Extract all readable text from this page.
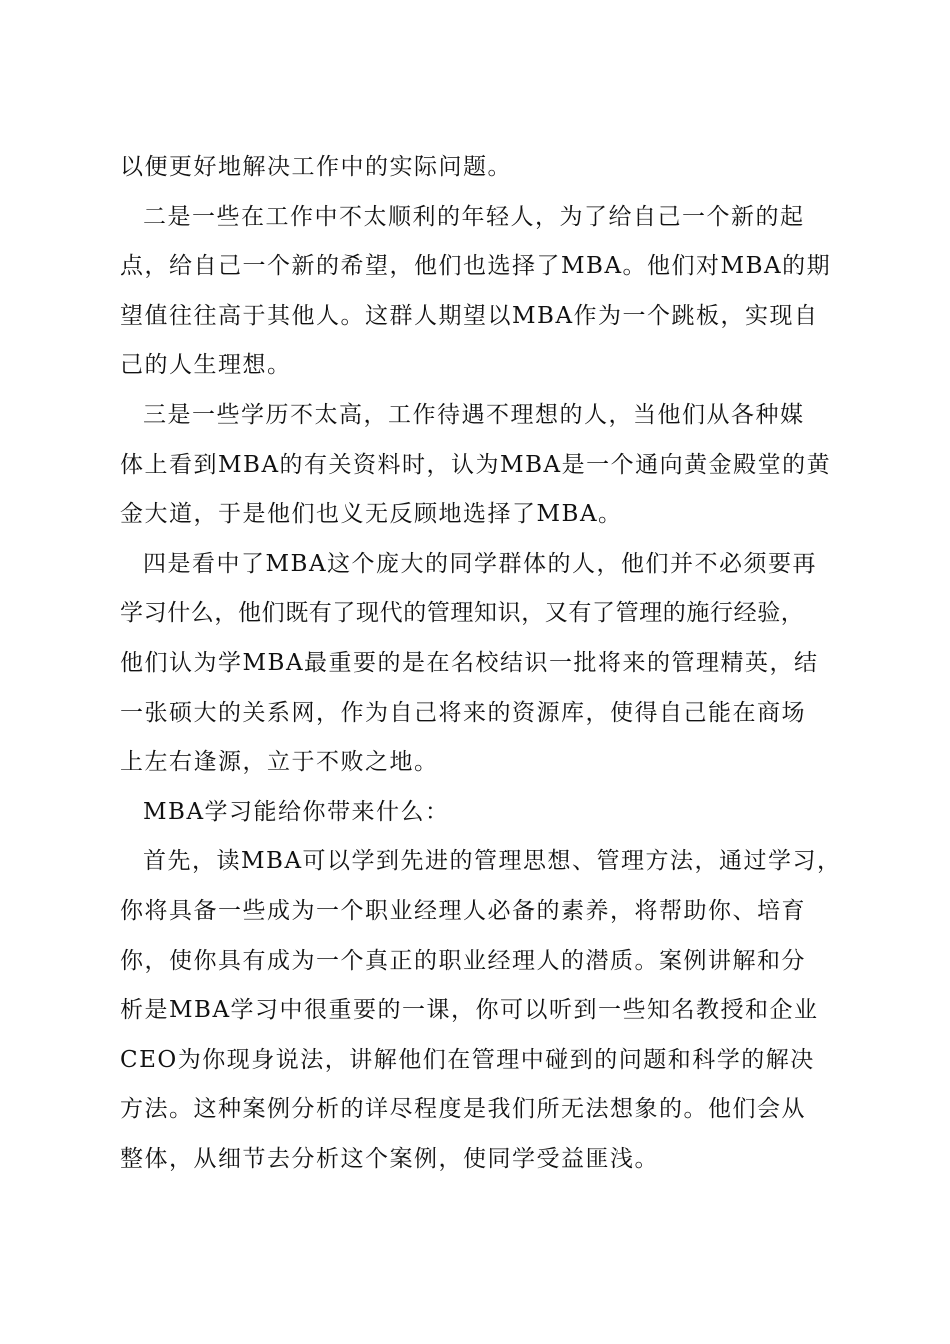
以便更好地解决工作中的实际问题。
二是一些在工作中不太顺利的年轻人，为了给自己一个新的起
点，给自己一个新的希望，他们也选择了MBA。他们对MBA的期
望值往往高于其他人。这群人期望以MBA作为一个跳板，实现自
己的人生理想。
三是一些学历不太高，工作待遇不理想的人，当他们从各种媒
体上看到MBA的有关资料时，认为MBA是一个通向黄金殿堂的黄
金大道，于是他们也义无反顾地选择了MBA。
四是看中了MBA这个庞大的同学群体的人，他们并不必须要再
学习什么，他们既有了现代的管理知识，又有了管理的施行经验，
他们认为学MBA最重要的是在名校结识一批将来的管理精英，结
一张硕大的关系网，作为自己将来的资源库，使得自己能在商场
上左右逢源，立于不败之地。
MBA学习能给你带来什么：
首先，读MBA可以学到先进的管理思想、管理方法，通过学习，
你将具备一些成为一个职业经理人必备的素养，将帮助你、培育
你，使你具有成为一个真正的职业经理人的潜质。案例讲解和分
析是MBA学习中很重要的一课，你可以听到一些知名教授和企业
CEO为你现身说法，讲解他们在管理中碰到的问题和科学的解决
方法。这种案例分析的详尽程度是我们所无法想象的。他们会从
整体，从细节去分析这个案例，使同学受益匪浅。
